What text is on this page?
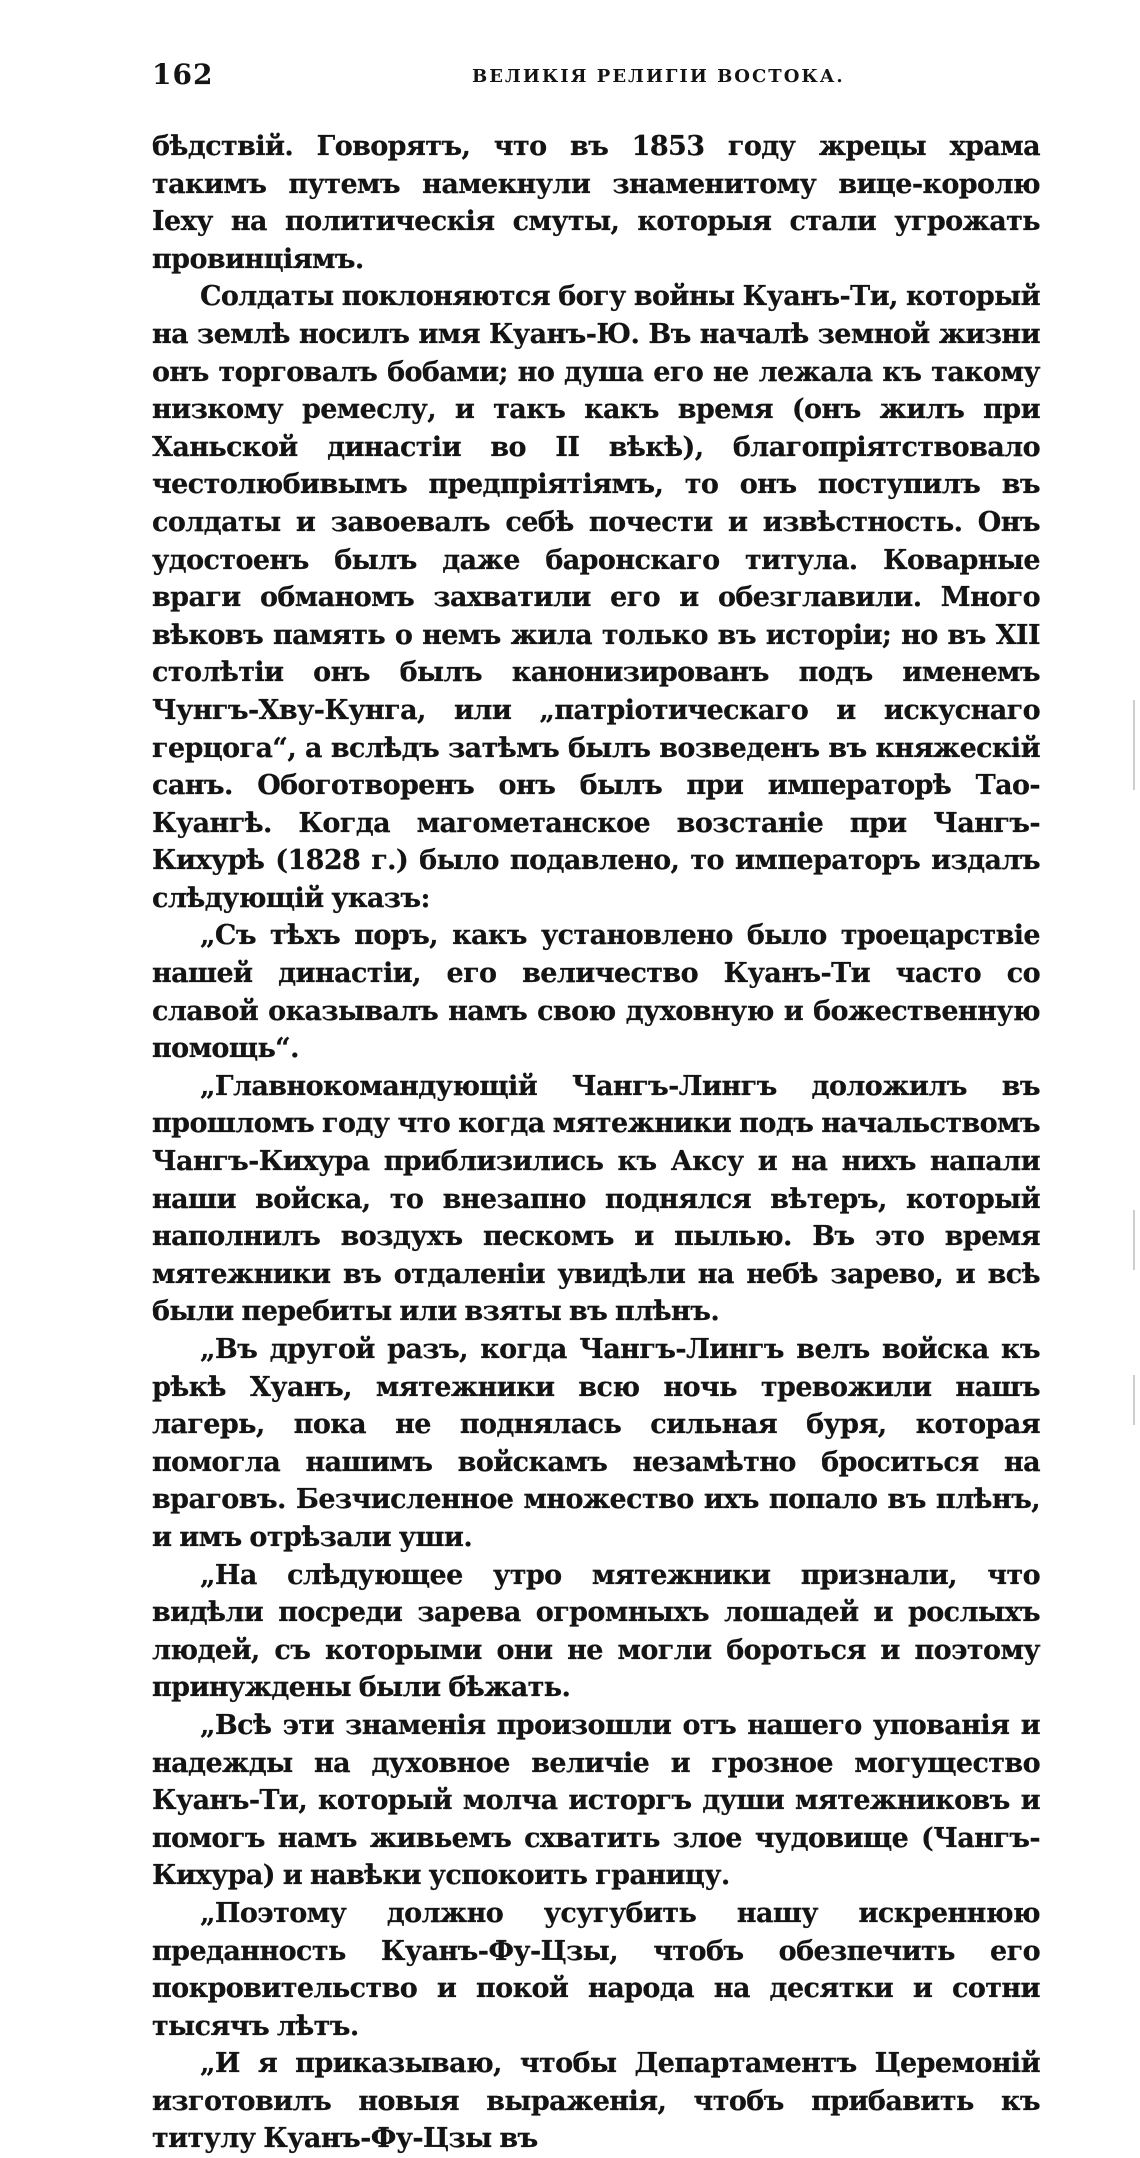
162	ВЕЛИКІЯ РЕЛИГІИ ВОСТОКА.

бѣдствій. Говорятъ, что въ 1853 году жрецы храма такимъ путемъ намекнули знаменитому вице-королю Іеху на политическія смуты, которыя стали угрожать провинціямъ.

Солдаты поклоняются богу войны Куанъ-Ти, который на землѣ носилъ имя Куанъ-Ю. Въ началѣ земной жизни онъ торговалъ бобами; но душа его не лежала къ такому низкому ремеслу, и такъ какъ время (онъ жилъ при Ханьской династіи во II вѣкѣ), благопріятствовало честолюбивымъ предпріятіямъ, то онъ поступилъ въ солдаты и завоевалъ себѣ почести и извѣстность. Онъ удостоенъ былъ даже баронскаго титула. Коварные враги обманомъ захватили его и обезглавили. Много вѣковъ память о немъ жила только въ исторіи; но въ XII столѣтіи онъ былъ канонизированъ подъ именемъ Чунгъ-Хву-Кунга, или „патріотическаго и искуснаго герцога“, а вслѣдъ затѣмъ былъ возведенъ въ княжескій санъ. Обоготворенъ онъ былъ при императорѣ Тао-Куангѣ. Когда магометанское возстаніе при Чангъ-Кихурѣ (1828 г.) было подавлено, то императоръ издалъ слѣдующій указъ:

„Съ тѣхъ поръ, какъ установлено было троецарствіе нашей династіи, его величество Куанъ-Ти часто со славой оказывалъ намъ свою духовную и божественную помощь“.

„Главнокомандующій Чангъ-Лингъ доложилъ въ прошломъ году что когда мятежники подъ начальствомъ Чангъ-Кихура приблизились къ Аксу и на нихъ напали наши войска, то внезапно поднялся вѣтеръ, который наполнилъ воздухъ пескомъ и пылью. Въ это время мятежники въ отдаленіи увидѣли на небѣ зарево, и всѣ были перебиты или взяты въ плѣнъ.

„Въ другой разъ, когда Чангъ-Лингъ велъ войска къ рѣкѣ Хуанъ, мятежники всю ночь тревожили нашъ лагерь, пока не поднялась сильная буря, которая помогла нашимъ войскамъ незамѣтно броситься на враговъ. Безчисленное множество ихъ попало въ плѣнъ, и имъ отрѣзали уши.

„На слѣдующее утро мятежники признали, что видѣли посреди зарева огромныхъ лошадей и рослыхъ людей, съ которыми они не могли бороться и поэтому принуждены были бѣжать.

„Всѣ эти знаменія произошли отъ нашего упованія и надежды на духовное величіе и грозное могущество Куанъ-Ти, который молча исторгъ души мятежниковъ и помогъ намъ живьемъ схватить злое чудовище (Чангъ-Кихура) и навѣки успокоить границу.

„Поэтому должно усугубить нашу искреннюю преданность Куанъ-Фу-Цзы, чтобъ обезпечить его покровительство и покой народа на десятки и сотни тысячъ лѣтъ.

„И я приказываю, чтобы Департаментъ Церемоній изготовилъ новыя выраженія, чтобъ прибавить къ титулу Куанъ-Фу-Цзы въ
